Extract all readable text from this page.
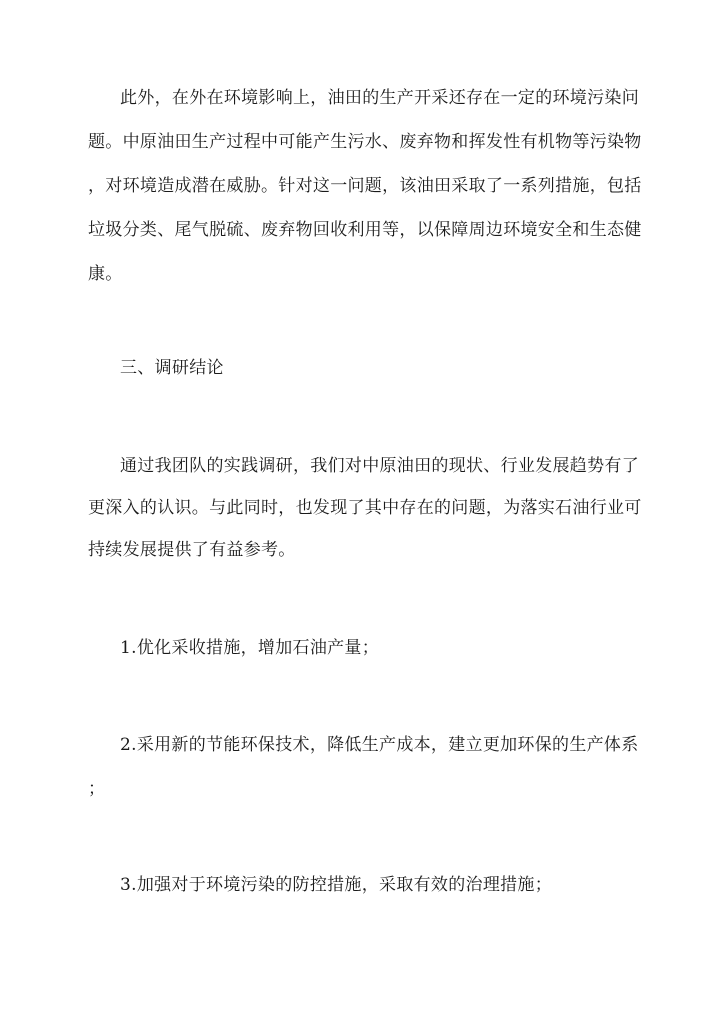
此外，在外在环境影响上，油田的生产开采还存在一定的环境污染问
题。中原油田生产过程中可能产生污水、废弃物和挥发性有机物等污染物
，对环境造成潜在威胁。针对这一问题，该油田采取了一系列措施，包括
垃圾分类、尾气脱硫、废弃物回收利用等，以保障周边环境安全和生态健
康。
三、调研结论
通过我团队的实践调研，我们对中原油田的现状、行业发展趋势有了
更深入的认识。与此同时，也发现了其中存在的问题，为落实石油行业可
持续发展提供了有益参考。
1.优化采收措施，增加石油产量；
2.采用新的节能环保技术，降低生产成本，建立更加环保的生产体系
；
3.加强对于环境污染的防控措施，采取有效的治理措施；
